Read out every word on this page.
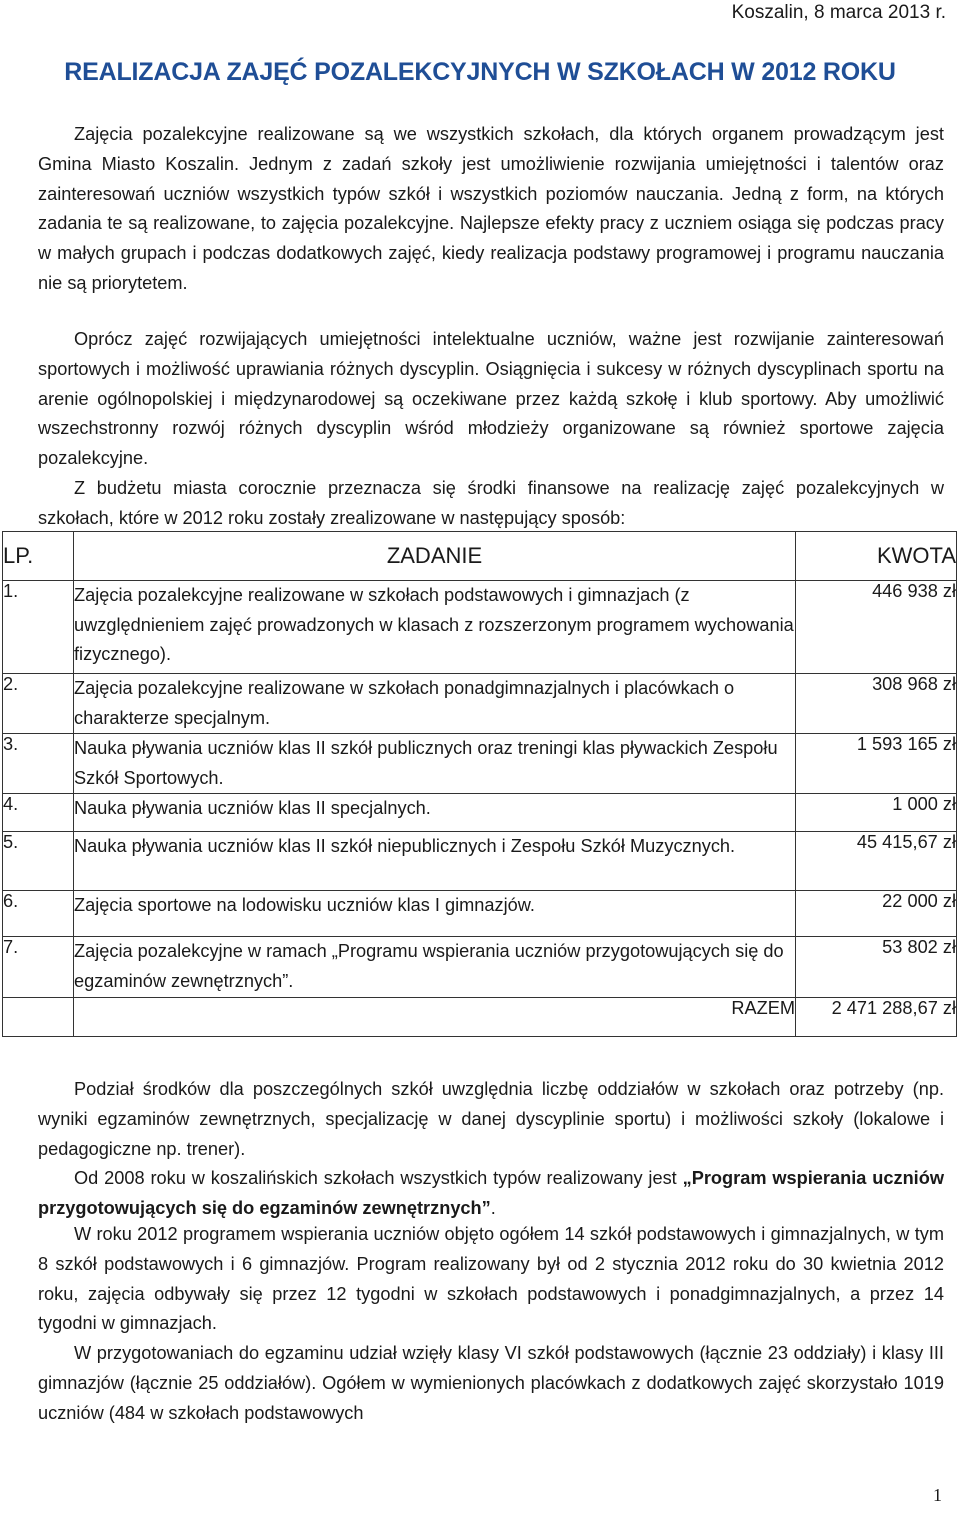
Koszalin, 8 marca 2013 r.
REALIZACJA ZAJĘĆ POZALEKCYJNYCH W SZKOŁACH W 2012 ROKU

Zajęcia pozalekcyjne realizowane są we wszystkich szkołach, dla których organem prowadzącym jest Gmina Miasto Koszalin. Jednym z zadań szkoły jest umożliwienie rozwijania umiejętności i talentów oraz zainteresowań uczniów wszystkich typów szkół i wszystkich poziomów nauczania. Jedną z form, na których zadania te są realizowane, to zajęcia pozalekcyjne. Najlepsze efekty pracy z uczniem osiąga się podczas pracy w małych grupach i podczas dodatkowych zajęć, kiedy realizacja podstawy programowej i programu nauczania nie są priorytetem.

Oprócz zajęć rozwijających umiejętności intelektualne uczniów, ważne jest rozwijanie zainteresowań sportowych i możliwość uprawiania różnych dyscyplin. Osiągnięcia i sukcesy w różnych dyscyplinach sportu na arenie ogólnopolskiej i międzynarodowej są oczekiwane przez każdą szkołę i klub sportowy. Aby umożliwić wszechstronny rozwój różnych dyscyplin wśród młodzieży organizowane są również sportowe zajęcia pozalekcyjne.

Z budżetu miasta corocznie przeznacza się środki finansowe na realizację zajęć pozalekcyjnych w szkołach, które w 2012 roku zostały zrealizowane w następujący sposób:

LP.	ZADANIE	KWOTA
1.	Zajęcia pozalekcyjne realizowane w szkołach podstawowych i gimnazjach (z uwzględnieniem zajęć prowadzonych w klasach z rozszerzonym programem wychowania fizycznego).	446 938 zł
2.	Zajęcia pozalekcyjne realizowane w szkołach ponadgimnazjalnych i placówkach o charakterze specjalnym.	308 968 zł
3.	Nauka pływania uczniów klas II szkół publicznych oraz treningi klas pływackich Zespołu Szkół Sportowych.	1 593 165 zł
4.	Nauka pływania uczniów klas II specjalnych.	1 000 zł
5.	Nauka pływania uczniów klas II szkół niepublicznych i Zespołu Szkół Muzycznych.	45 415,67 zł
6.	Zajęcia sportowe na lodowisku uczniów klas I gimnazjów.	22 000 zł
7.	Zajęcia pozalekcyjne w ramach „Programu wspierania uczniów przygotowujących się do egzaminów zewnętrznych”.	53 802 zł
	RAZEM	2 471 288,67 zł

Podział środków dla poszczególnych szkół uwzględnia liczbę oddziałów w szkołach oraz potrzeby (np. wyniki egzaminów zewnętrznych, specjalizację w danej dyscyplinie sportu) i możliwości szkoły (lokalowe i pedagogiczne np. trener).

Od 2008 roku w koszalińskich szkołach wszystkich typów realizowany jest „Program wspierania uczniów przygotowujących się do egzaminów zewnętrznych”.

W roku 2012 programem wspierania uczniów objęto ogółem 14 szkół podstawowych i gimnazjalnych, w tym 8 szkół podstawowych i 6 gimnazjów. Program realizowany był od 2 stycznia 2012 roku do 30 kwietnia 2012 roku, zajęcia odbywały się przez 12 tygodni w szkołach podstawowych i ponadgimnazjalnych, a przez 14 tygodni w gimnazjach.

W przygotowaniach do egzaminu udział wzięły klasy VI szkół podstawowych (łącznie 23 oddziały) i klasy III gimnazjów (łącznie 25 oddziałów). Ogółem w wymienionych placówkach z dodatkowych zajęć skorzystało 1019 uczniów (484 w szkołach podstawowych

1
